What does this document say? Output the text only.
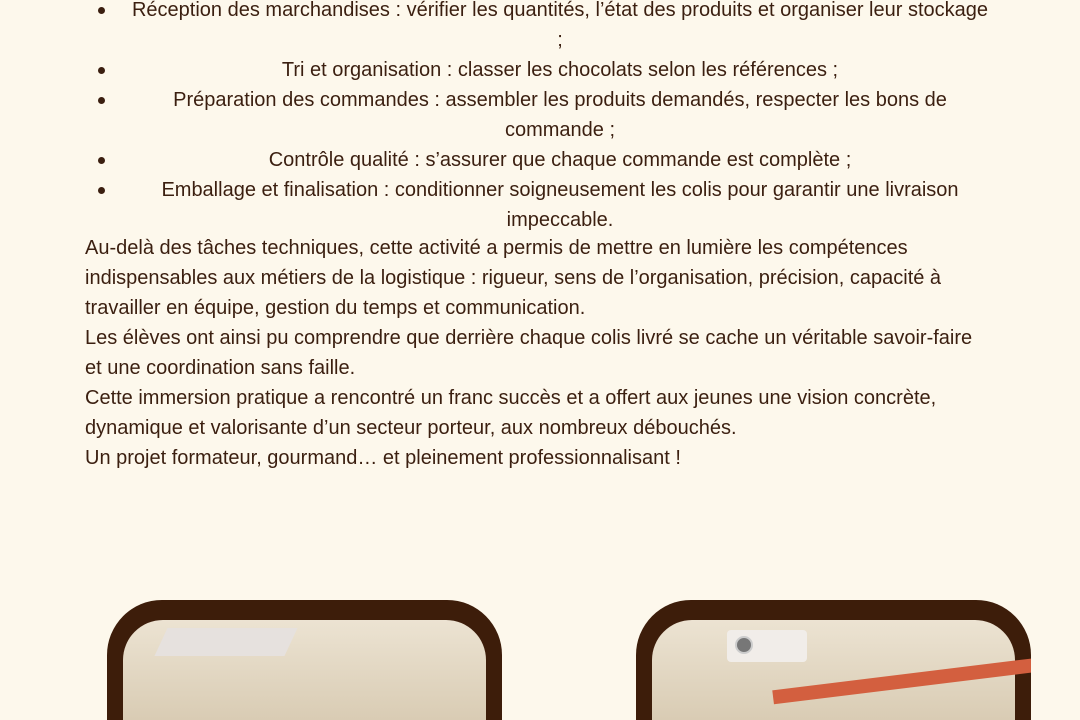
Réception des marchandises : vérifier les quantités, l’état des produits et organiser leur stockage ;
Tri et organisation : classer les chocolats selon les références ;
Préparation des commandes : assembler les produits demandés, respecter les bons de commande ;
Contrôle qualité : s’assurer que chaque commande est complète ;
Emballage et finalisation : conditionner soigneusement les colis pour garantir une livraison impeccable.

Au-delà des tâches techniques, cette activité a permis de mettre en lumière les compétences indispensables aux métiers de la logistique : rigueur, sens de l’organisation, précision, capacité à travailler en équipe, gestion du temps et communication.

Les élèves ont ainsi pu comprendre que derrière chaque colis livré se cache un véritable savoir-faire et une coordination sans faille.

Cette immersion pratique a rencontré un franc succès et a offert aux jeunes une vision concrète, dynamique et valorisante d’un secteur porteur, aux nombreux débouchés.

Un projet formateur, gourmand… et pleinement professionnalisant !
